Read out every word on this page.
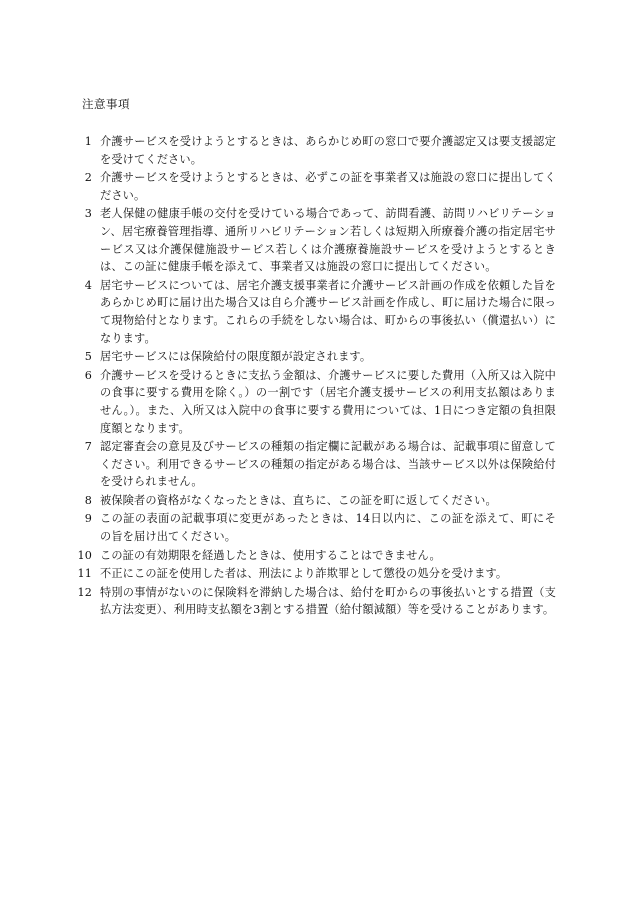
注意事項
1 介護サービスを受けようとするときは、あらかじめ町の窓口で要介護認定又は要支援認定を受けてください。
2 介護サービスを受けようとするときは、必ずこの証を事業者又は施設の窓口に提出してください。
3 老人保健の健康手帳の交付を受けている場合であって、訪問看護、訪問リハビリテーション、居宅療養管理指導、通所リハビリテーション若しくは短期入所療養介護の指定居宅サービス又は介護保健施設サービス若しくは介護療養施設サービスを受けようとするときは、この証に健康手帳を添えて、事業者又は施設の窓口に提出してください。
4 居宅サービスについては、居宅介護支援事業者に介護サービス計画の作成を依頼した旨をあらかじめ町に届け出た場合又は自ら介護サービス計画を作成し、町に届けた場合に限って現物給付となります。これらの手続をしない場合は、町からの事後払い（償還払い）になります。
5 居宅サービスには保険給付の限度額が設定されます。
6 介護サービスを受けるときに支払う金額は、介護サービスに要した費用（入所又は入院中の食事に要する費用を除く。）の一割です（居宅介護支援サービスの利用支払額はありません。）。また、入所又は入院中の食事に要する費用については、1日につき定額の負担限度額となります。
7 認定審査会の意見及びサービスの種類の指定欄に記載がある場合は、記載事項に留意してください。利用できるサービスの種類の指定がある場合は、当該サービス以外は保険給付を受けられません。
8 被保険者の資格がなくなったときは、直ちに、この証を町に返してください。
9 この証の表面の記載事項に変更があったときは、14日以内に、この証を添えて、町にその旨を届け出てください。
10 この証の有効期限を経過したときは、使用することはできません。
11 不正にこの証を使用した者は、刑法により詐欺罪として懲役の処分を受けます。
12 特別の事情がないのに保険料を滞納した場合は、給付を町からの事後払いとする措置（支払方法変更）、利用時支払額を3割とする措置（給付額減額）等を受けることがあります。
